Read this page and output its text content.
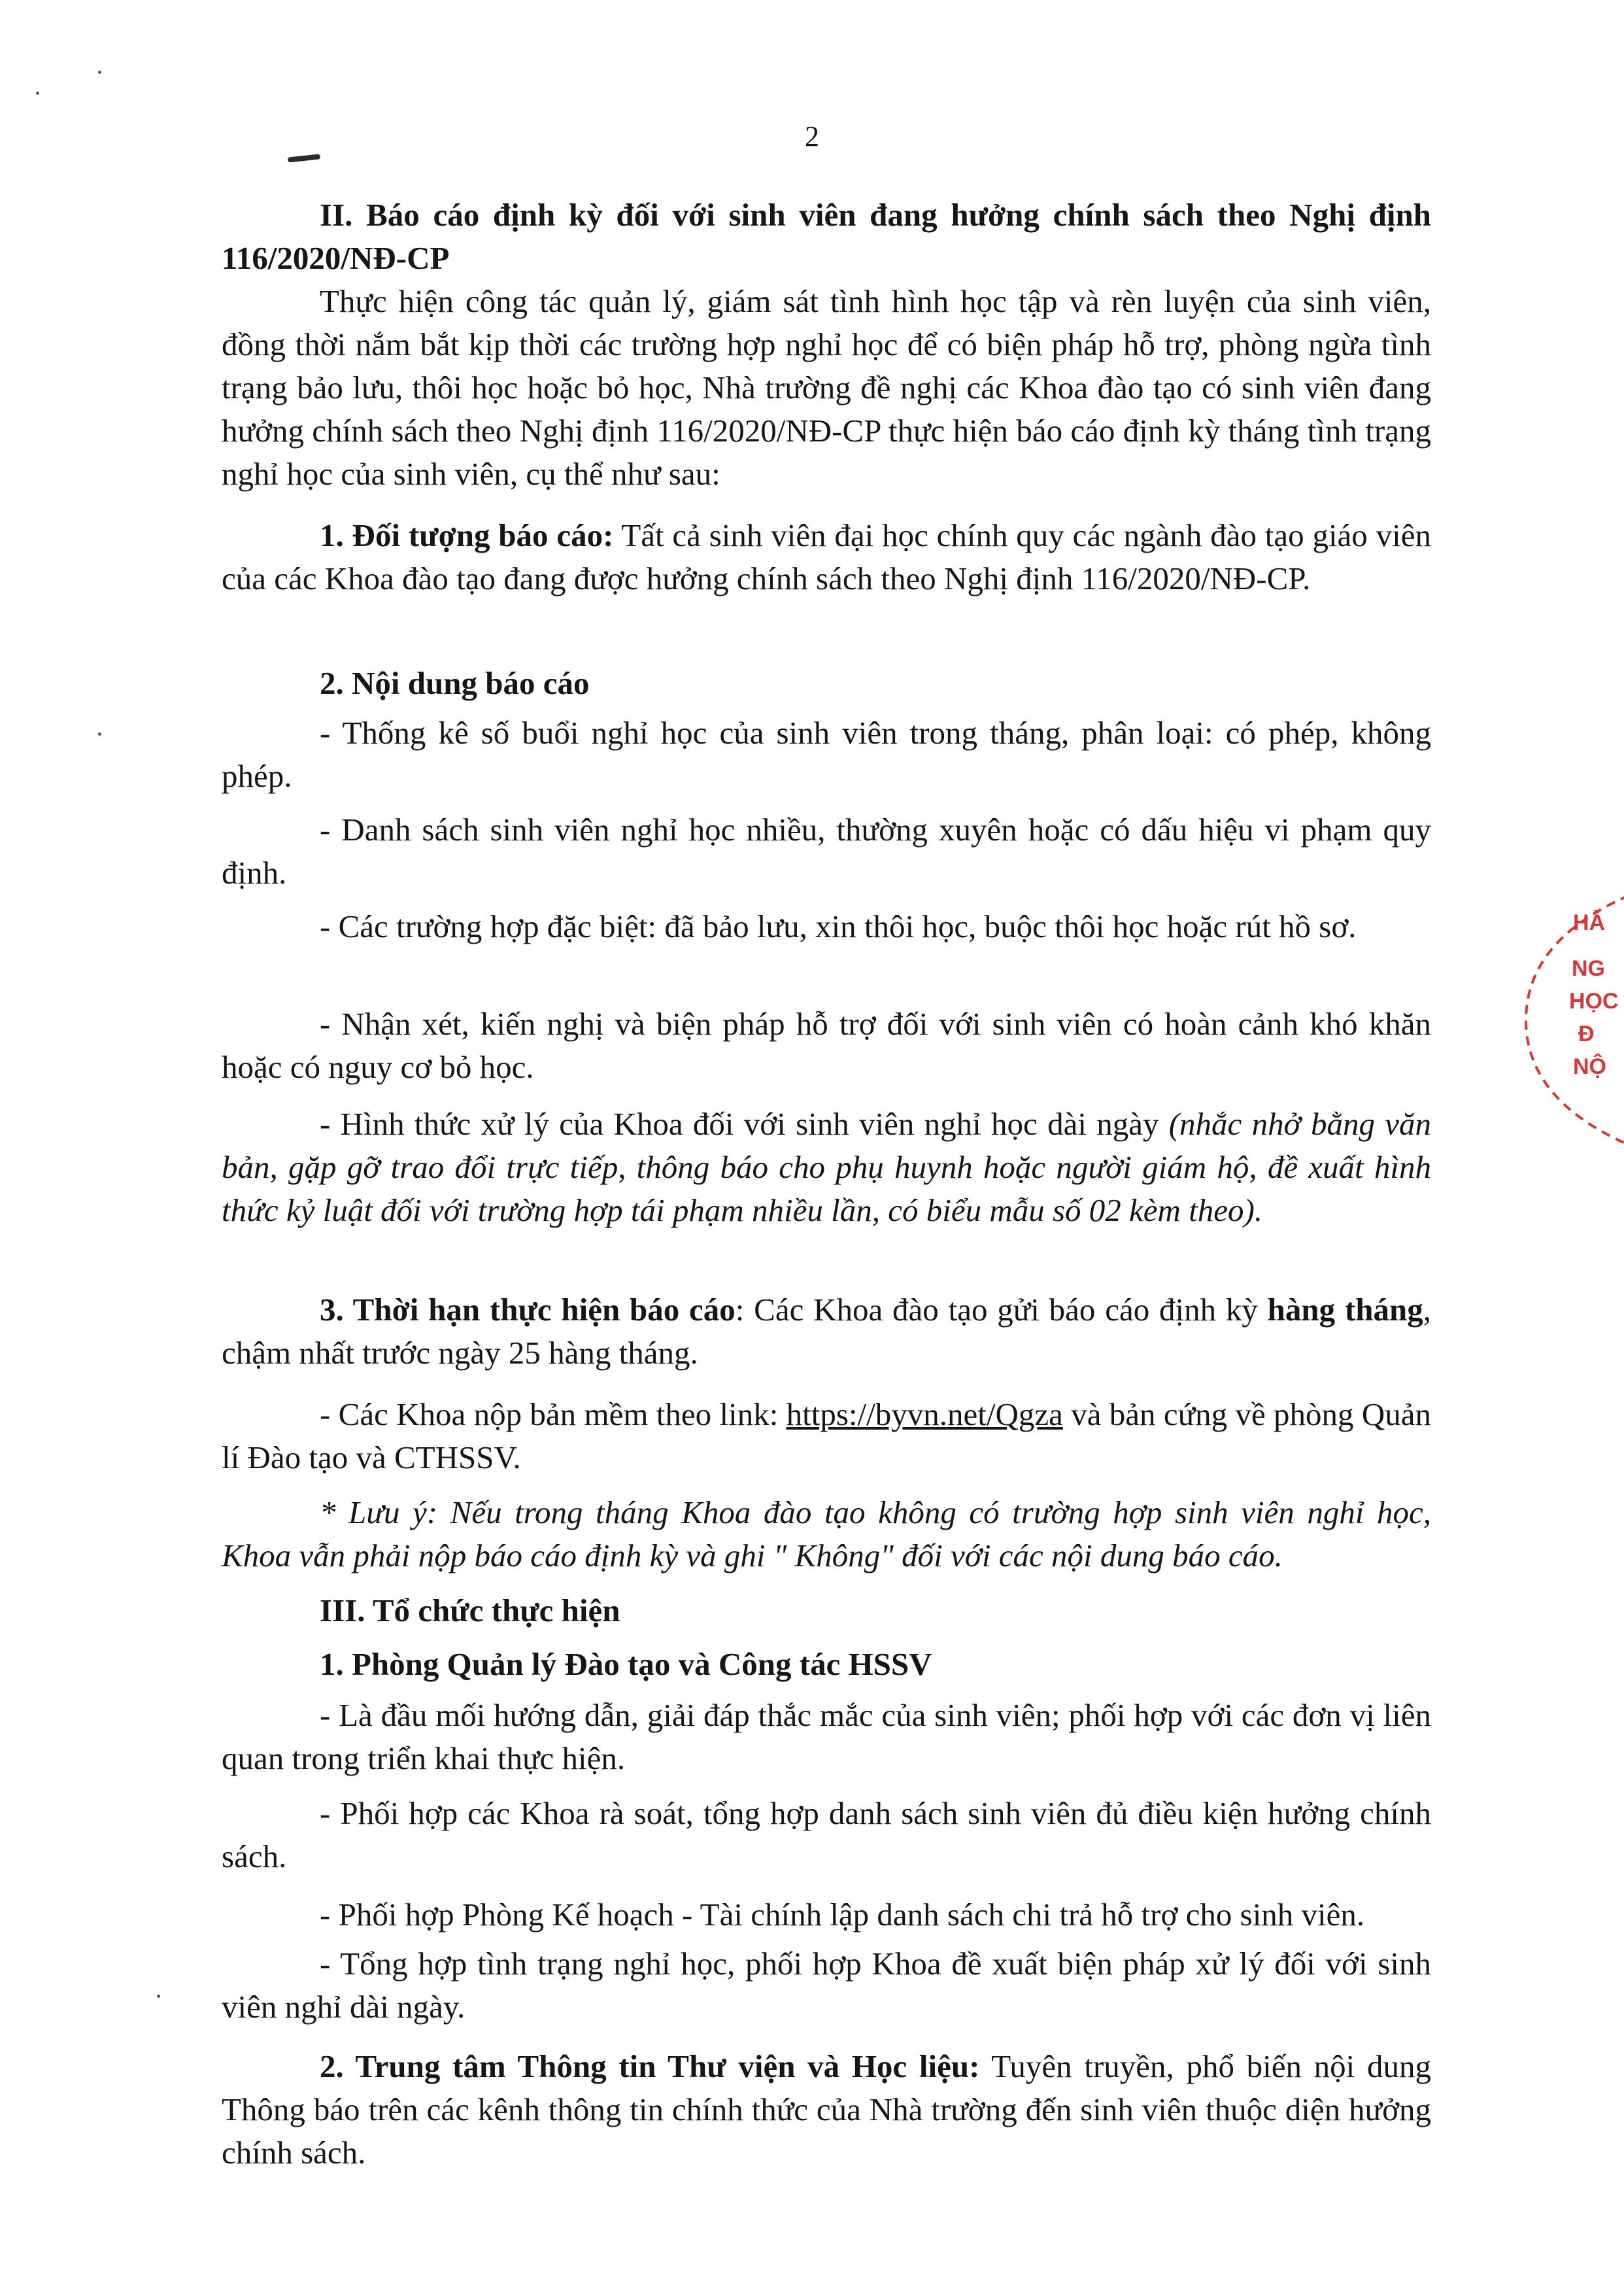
2

II. Báo cáo định kỳ đối với sinh viên đang hưởng chính sách theo Nghị định 116/2020/NĐ-CP

Thực hiện công tác quản lý, giám sát tình hình học tập và rèn luyện của sinh viên, đồng thời nắm bắt kịp thời các trường hợp nghỉ học để có biện pháp hỗ trợ, phòng ngừa tình trạng bảo lưu, thôi học hoặc bỏ học, Nhà trường đề nghị các Khoa đào tạo có sinh viên đang hưởng chính sách theo Nghị định 116/2020/NĐ-CP thực hiện báo cáo định kỳ tháng tình trạng nghỉ học của sinh viên, cụ thể như sau:

1. Đối tượng báo cáo: Tất cả sinh viên đại học chính quy các ngành đào tạo giáo viên của các Khoa đào tạo đang được hưởng chính sách theo Nghị định 116/2020/NĐ-CP.

2. Nội dung báo cáo

- Thống kê số buổi nghỉ học của sinh viên trong tháng, phân loại: có phép, không phép.

- Danh sách sinh viên nghỉ học nhiều, thường xuyên hoặc có dấu hiệu vi phạm quy định.

- Các trường hợp đặc biệt: đã bảo lưu, xin thôi học, buộc thôi học hoặc rút hồ sơ.

- Nhận xét, kiến nghị và biện pháp hỗ trợ đối với sinh viên có hoàn cảnh khó khăn hoặc có nguy cơ bỏ học.

- Hình thức xử lý của Khoa đối với sinh viên nghỉ học dài ngày (nhắc nhở bằng văn bản, gặp gỡ trao đổi trực tiếp, thông báo cho phụ huynh hoặc người giám hộ, đề xuất hình thức kỷ luật đối với trường hợp tái phạm nhiều lần, có biểu mẫu số 02 kèm theo).

3. Thời hạn thực hiện báo cáo: Các Khoa đào tạo gửi báo cáo định kỳ hàng tháng, chậm nhất trước ngày 25 hàng tháng.

- Các Khoa nộp bản mềm theo link: https://byvn.net/Qgza và bản cứng về phòng Quản lí Đào tạo và CTHSSV.

* Lưu ý: Nếu trong tháng Khoa đào tạo không có trường hợp sinh viên nghỉ học, Khoa vẫn phải nộp báo cáo định kỳ và ghi " Không" đối với các nội dung báo cáo.

III. Tổ chức thực hiện

1. Phòng Quản lý Đào tạo và Công tác HSSV

- Là đầu mối hướng dẫn, giải đáp thắc mắc của sinh viên; phối hợp với các đơn vị liên quan trong triển khai thực hiện.

- Phối hợp các Khoa rà soát, tổng hợp danh sách sinh viên đủ điều kiện hưởng chính sách.

- Phối hợp Phòng Kế hoạch - Tài chính lập danh sách chi trả hỗ trợ cho sinh viên.

- Tổng hợp tình trạng nghỉ học, phối hợp Khoa đề xuất biện pháp xử lý đối với sinh viên nghỉ dài ngày.

2. Trung tâm Thông tin Thư viện và Học liệu: Tuyên truyền, phổ biến nội dung Thông báo trên các kênh thông tin chính thức của Nhà trường đến sinh viên thuộc diện hưởng chính sách.

HÀ
NG
HỌC
Đ
NỘ
